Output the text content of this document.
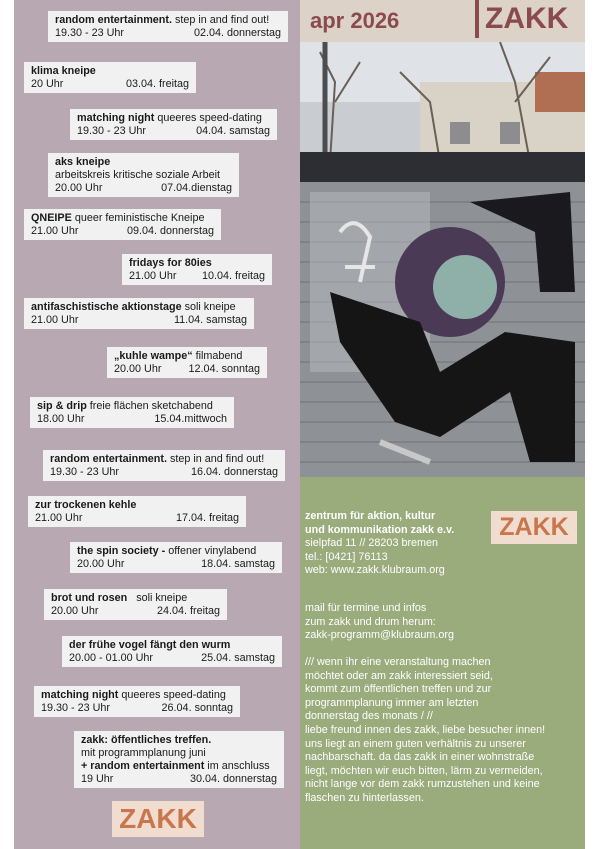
random entertainment. step in and find out!
19.30 - 23 Uhr	02.04. donnerstag
klima kneipe
20 Uhr	03.04. freitag
matching night queeres speed-dating
19.30 - 23 Uhr	04.04. samstag
aks kneipe
arbeitskreis kritische soziale Arbeit
20.00 Uhr	07.04.dienstag
QNEIPE queer feministische Kneipe
21.00 Uhr	09.04. donnerstag
fridays for 80ies
21.00 Uhr 10.04. freitag
antifaschistische aktionstage soli kneipe
21.00 Uhr	11.04. samstag
„kuhle wampe“ filmabend
20.00 Uhr	12.04. sonntag
sip & drip freie flächen sketchabend
18.00 Uhr	15.04.mittwoch
random entertainment. step in and find out!
19.30 - 23 Uhr	16.04. donnerstag
zur trockenen kehle
21.00 Uhr	17.04. freitag
the spin society - offener vinylabend
20.00 Uhr	18.04. samstag
brot und rosen soli kneipe
20.00 Uhr	24.04. freitag
der frühe vogel fängt den wurm
20.00 - 01.00 Uhr	25.04. samstag
matching night queeres speed-dating
19.30 - 23 Uhr	26.04. sonntag
zakk: öffentliches treffen.
mit programmplanung juni
+ random entertainment im anschluss
19 Uhr	30.04. donnerstag
ZAKK
apr 2026	ZAKK
ZAKK
zentrum für aktion, kultur
und kommunikation zakk e.v.
sielpfad 11 // 28203 bremen
tel.: [0421] 76113
web: www.zakk.klubraum.org
mail für termine und infos
zum zakk und drum herum:
zakk-programm@klubraum.org
/// wenn ihr eine veranstaltung machen
möchtet oder am zakk interessiert seid,
kommt zum öffentlichen treffen und zur
programmplanung immer am letzten
donnerstag des monats / //
liebe freund innen des zakk, liebe besucher innen!
uns liegt an einem guten verhältnis zu unserer
nachbarschaft. da das zakk in einer wohnstraße
liegt, möchten wir euch bitten, lärm zu vermeiden,
nicht lange vor dem zakk rumzustehen und keine
flaschen zu hinterlassen.
